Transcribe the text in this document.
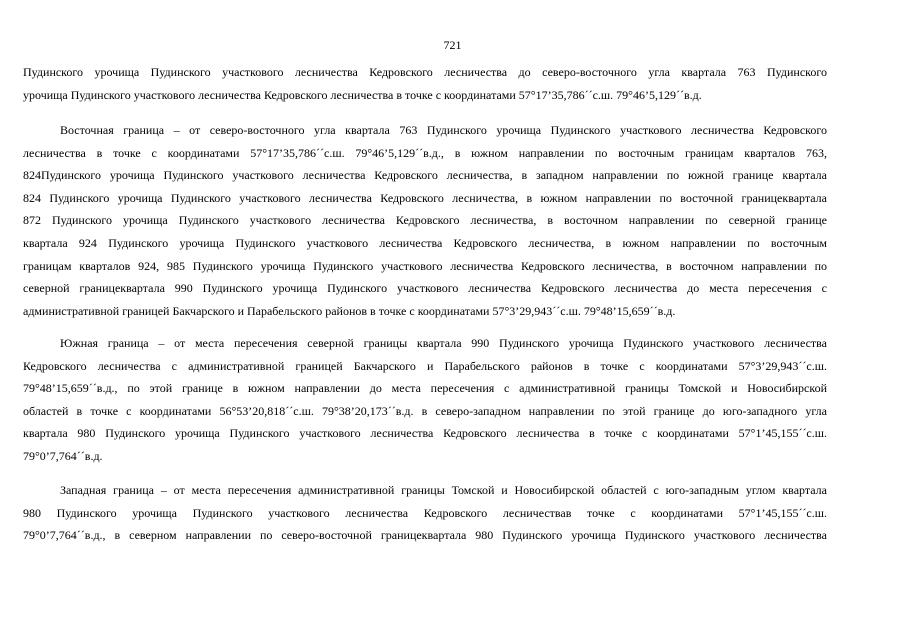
721
Пудинского урочища Пудинского участкового лесничества Кедровского лесничества до северо-восточного угла квартала 763 Пудинского
урочища Пудинского участкового лесничества Кедровского лесничества в точке с координатами 57°17’35,786´´с.ш. 79°46’5,129´´в.д.
Восточная граница – от северо-восточного угла квартала 763 Пудинского урочища Пудинского участкового лесничества Кедровского
лесничества в точке с координатами 57°17’35,786´´с.ш. 79°46’5,129´´в.д., в южном направлении по восточным границам кварталов 763,
824Пудинского урочища Пудинского участкового лесничества Кедровского лесничества, в западном направлении по южной границе квартала
824 Пудинского урочища Пудинского участкового лесничества Кедровского лесничества, в южном направлении по восточной границеквартала
872 Пудинского урочища Пудинского участкового лесничества Кедровского лесничества, в восточном направлении по северной границе
квартала 924 Пудинского урочища Пудинского участкового лесничества Кедровского лесничества, в южном направлении по восточным
границам кварталов 924, 985 Пудинского урочища Пудинского участкового лесничества Кедровского лесничества, в восточном направлении по
северной границеквартала 990 Пудинского урочища Пудинского участкового лесничества Кедровского лесничества до места пересечения с
административной границей Бакчарского и Парабельского районов в точке с координатами 57°3’29,943´´с.ш. 79°48’15,659´´в.д.
Южная граница – от места пересечения северной границы квартала 990 Пудинского урочища Пудинского участкового лесничества
Кедровского лесничества с административной границей Бакчарского и Парабельского районов в точке с координатами 57°3’29,943´´с.ш.
79°48’15,659´´в.д., по этой границе в южном направлении до места пересечения с административной границы Томской и Новосибирской
областей в точке с координатами 56°53’20,818´´с.ш. 79°38’20,173´´в.д. в северо-западном направлении по этой границе до юго-западного угла
квартала 980 Пудинского урочища Пудинского участкового лесничества Кедровского лесничества в точке с координатами 57°1’45,155´´с.ш.
79°0’7,764´´в.д.
Западная граница – от места пересечения административной границы Томской и Новосибирской областей с юго-западным углом квартала
980 Пудинского урочища Пудинского участкового лесничества Кедровского лесничествав точке с координатами 57°1’45,155´´с.ш.
79°0’7,764´´в.д., в северном направлении по северо-восточной границеквартала 980 Пудинского урочища Пудинского участкового лесничества
